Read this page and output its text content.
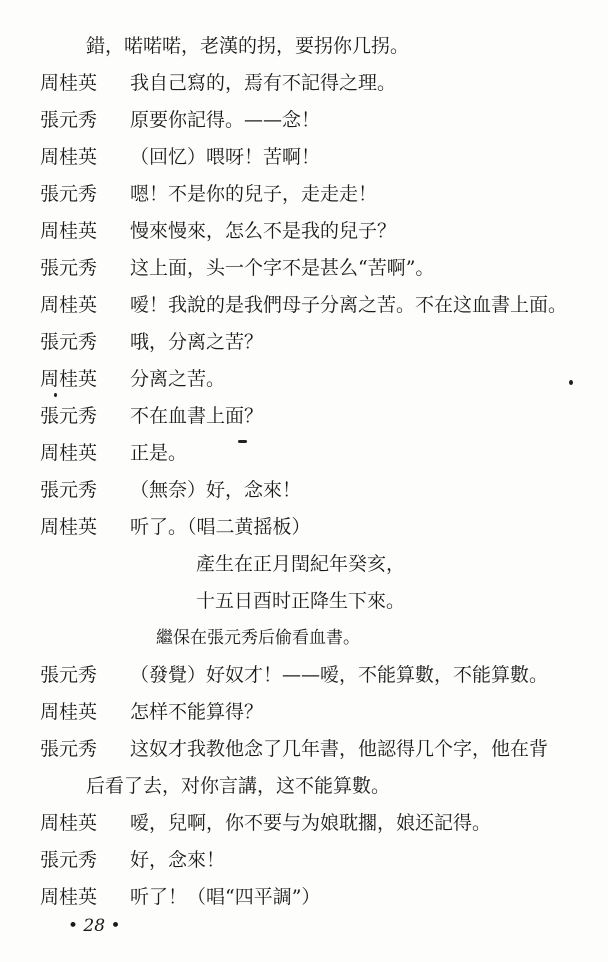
錯，喏喏喏，老漢的拐，要拐你几拐。
周桂英 我自己寫的，焉有不記得之理。
張元秀 原要你記得。——念！
周桂英 （回忆）喂呀！苦啊！
張元秀 嗯！不是你的兒子，走走走！
周桂英 慢來慢來，怎么不是我的兒子？
張元秀 这上面，头一个字不是甚么“苦啊”。
周桂英 嗳！我說的是我們母子分离之苦。不在这血書上面。
張元秀 哦，分离之苦？
周桂英 分离之苦。
張元秀 不在血書上面？
周桂英 正是。
張元秀 （無奈）好，念來！
周桂英 听了。（唱二黄摇板）
產生在正月閏紀年癸亥，
十五日酉时正降生下來。
繼保在張元秀后偷看血書。
張元秀 （發覺）好奴才！——嗳，不能算數，不能算數。
周桂英 怎样不能算得？
張元秀 这奴才我教他念了几年書，他認得几个字，他在背
后看了去，对你言講，这不能算數。
周桂英 嗳，兒啊，你不要与为娘耽擱，娘还記得。
張元秀 好，念來！
周桂英 听了！（唱“四平調”）
• 28 •
